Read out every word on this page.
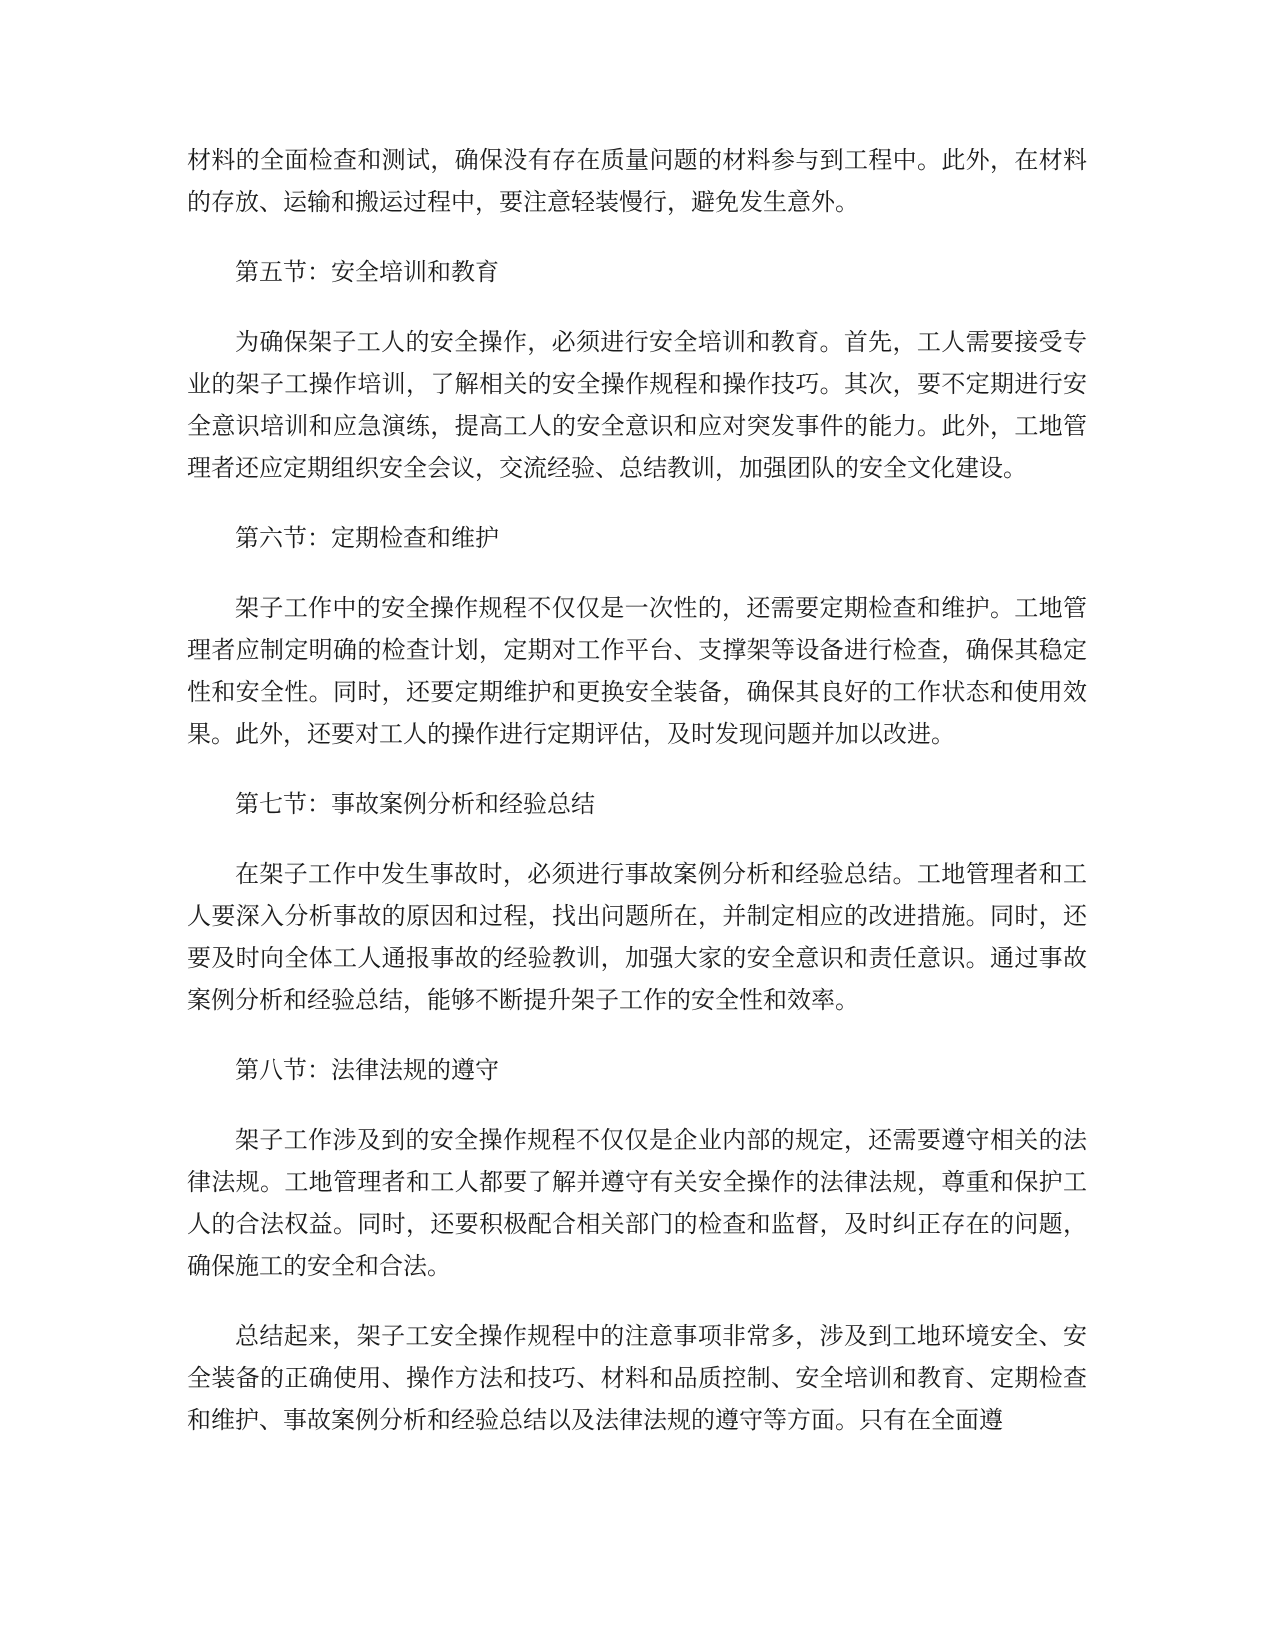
材料的全面检查和测试，确保没有存在质量问题的材料参与到工程中。此外，在材料的存放、运输和搬运过程中，要注意轻装慢行，避免发生意外。

第五节：安全培训和教育

为确保架子工人的安全操作，必须进行安全培训和教育。首先，工人需要接受专业的架子工操作培训，了解相关的安全操作规程和操作技巧。其次，要不定期进行安全意识培训和应急演练，提高工人的安全意识和应对突发事件的能力。此外，工地管理者还应定期组织安全会议，交流经验、总结教训，加强团队的安全文化建设。

第六节：定期检查和维护

架子工作中的安全操作规程不仅仅是一次性的，还需要定期检查和维护。工地管理者应制定明确的检查计划，定期对工作平台、支撑架等设备进行检查，确保其稳定性和安全性。同时，还要定期维护和更换安全装备，确保其良好的工作状态和使用效果。此外，还要对工人的操作进行定期评估，及时发现问题并加以改进。

第七节：事故案例分析和经验总结

在架子工作中发生事故时，必须进行事故案例分析和经验总结。工地管理者和工人要深入分析事故的原因和过程，找出问题所在，并制定相应的改进措施。同时，还要及时向全体工人通报事故的经验教训，加强大家的安全意识和责任意识。通过事故案例分析和经验总结，能够不断提升架子工作的安全性和效率。

第八节：法律法规的遵守

架子工作涉及到的安全操作规程不仅仅是企业内部的规定，还需要遵守相关的法律法规。工地管理者和工人都要了解并遵守有关安全操作的法律法规，尊重和保护工人的合法权益。同时，还要积极配合相关部门的检查和监督，及时纠正存在的问题，确保施工的安全和合法。

总结起来，架子工安全操作规程中的注意事项非常多，涉及到工地环境安全、安全装备的正确使用、操作方法和技巧、材料和品质控制、安全培训和教育、定期检查和维护、事故案例分析和经验总结以及法律法规的遵守等方面。只有在全面遵
